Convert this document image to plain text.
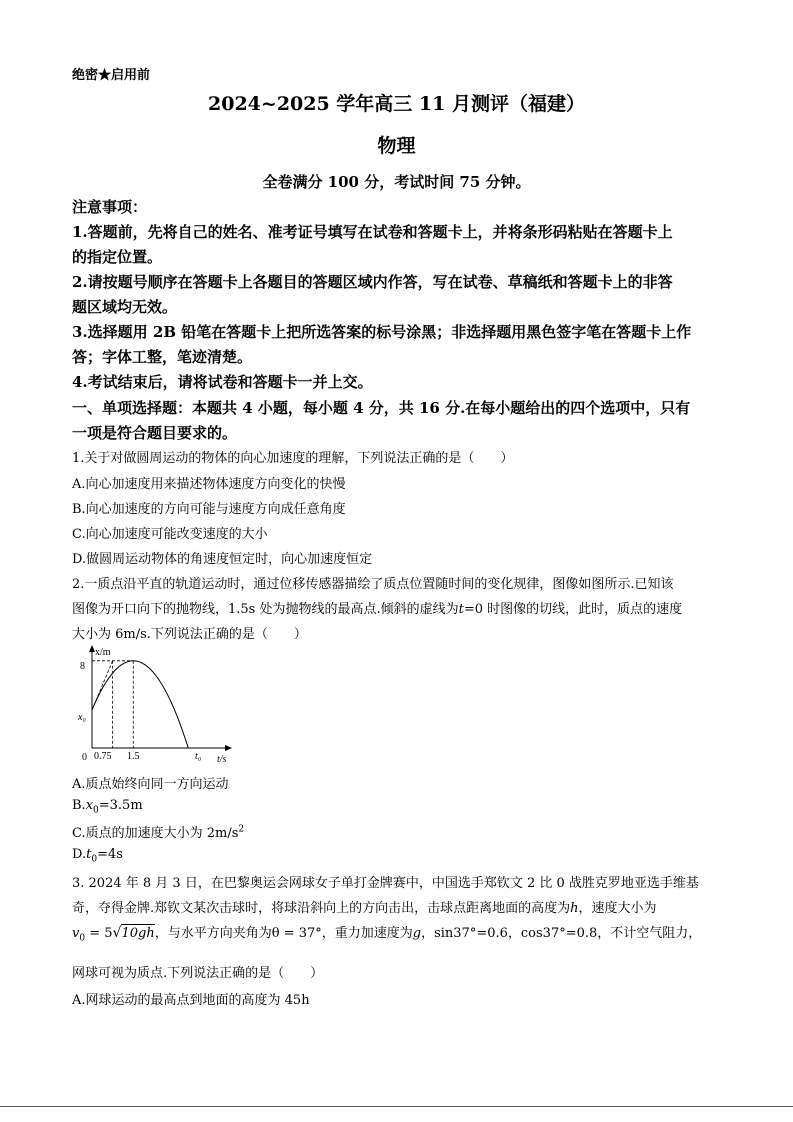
绝密★启用前
2024~2025 学年高三 11 月测评（福建）
物理
全卷满分 100 分，考试时间 75 分钟。
注意事项：
1.答题前，先将自己的姓名、准考证号填写在试卷和答题卡上，并将条形码粘贴在答题卡上
的指定位置。
2.请按题号顺序在答题卡上各题目的答题区域内作答，写在试卷、草稿纸和答题卡上的非答
题区域均无效。
3.选择题用 2B 铅笔在答题卡上把所选答案的标号涂黑；非选择题用黑色签字笔在答题卡上作
答；字体工整，笔迹清楚。
4.考试结束后，请将试卷和答题卡一并上交。
一、单项选择题：本题共 4 小题，每小题 4 分，共 16 分.在每小题给出的四个选项中，只有
一项是符合题目要求的。
1.关于对做圆周运动的物体的向心加速度的理解，下列说法正确的是（　　）
A.向心加速度用来描述物体速度方向变化的快慢
B.向心加速度的方向可能与速度方向成任意角度
C.向心加速度可能改变速度的大小
D.做圆周运动物体的角速度恒定时，向心加速度恒定
2.一质点沿平直的轨道运动时，通过位移传感器描绘了质点位置随时间的变化规律，图像如图所示.已知该
图像为开口向下的抛物线，1.5s 处为抛物线的最高点.倾斜的虚线为t=0 时图像的切线，此时，质点的速度
大小为 6m/s.下列说法正确的是（　　）
x/m
t/s
0
8
x₀
0.75 1.5	t₀
A.质点始终向同一方向运动
$B.x_0=3.5m$
C.质点的加速度大小为 $2m/s^2$
$D.t_0=4s$
3. 2024 年 8 月 3 日，在巴黎奥运会网球女子单打金牌赛中，中国选手郑钦文 2 比 0 战胜克罗地亚选手维基
奇，夺得金牌.郑钦文某次击球时，将球沿斜向上的方向击出，击球点距离地面的高度为h，速度大小为
$v_0 = 5√10gh$，与水平方向夹角为θ = 37°，重力加速度为g，sin37°=0.6，cos37°=0.8，不计空气阻力，
网球可视为质点.下列说法正确的是（　　）
A.网球运动的最高点到地面的高度为 45h
